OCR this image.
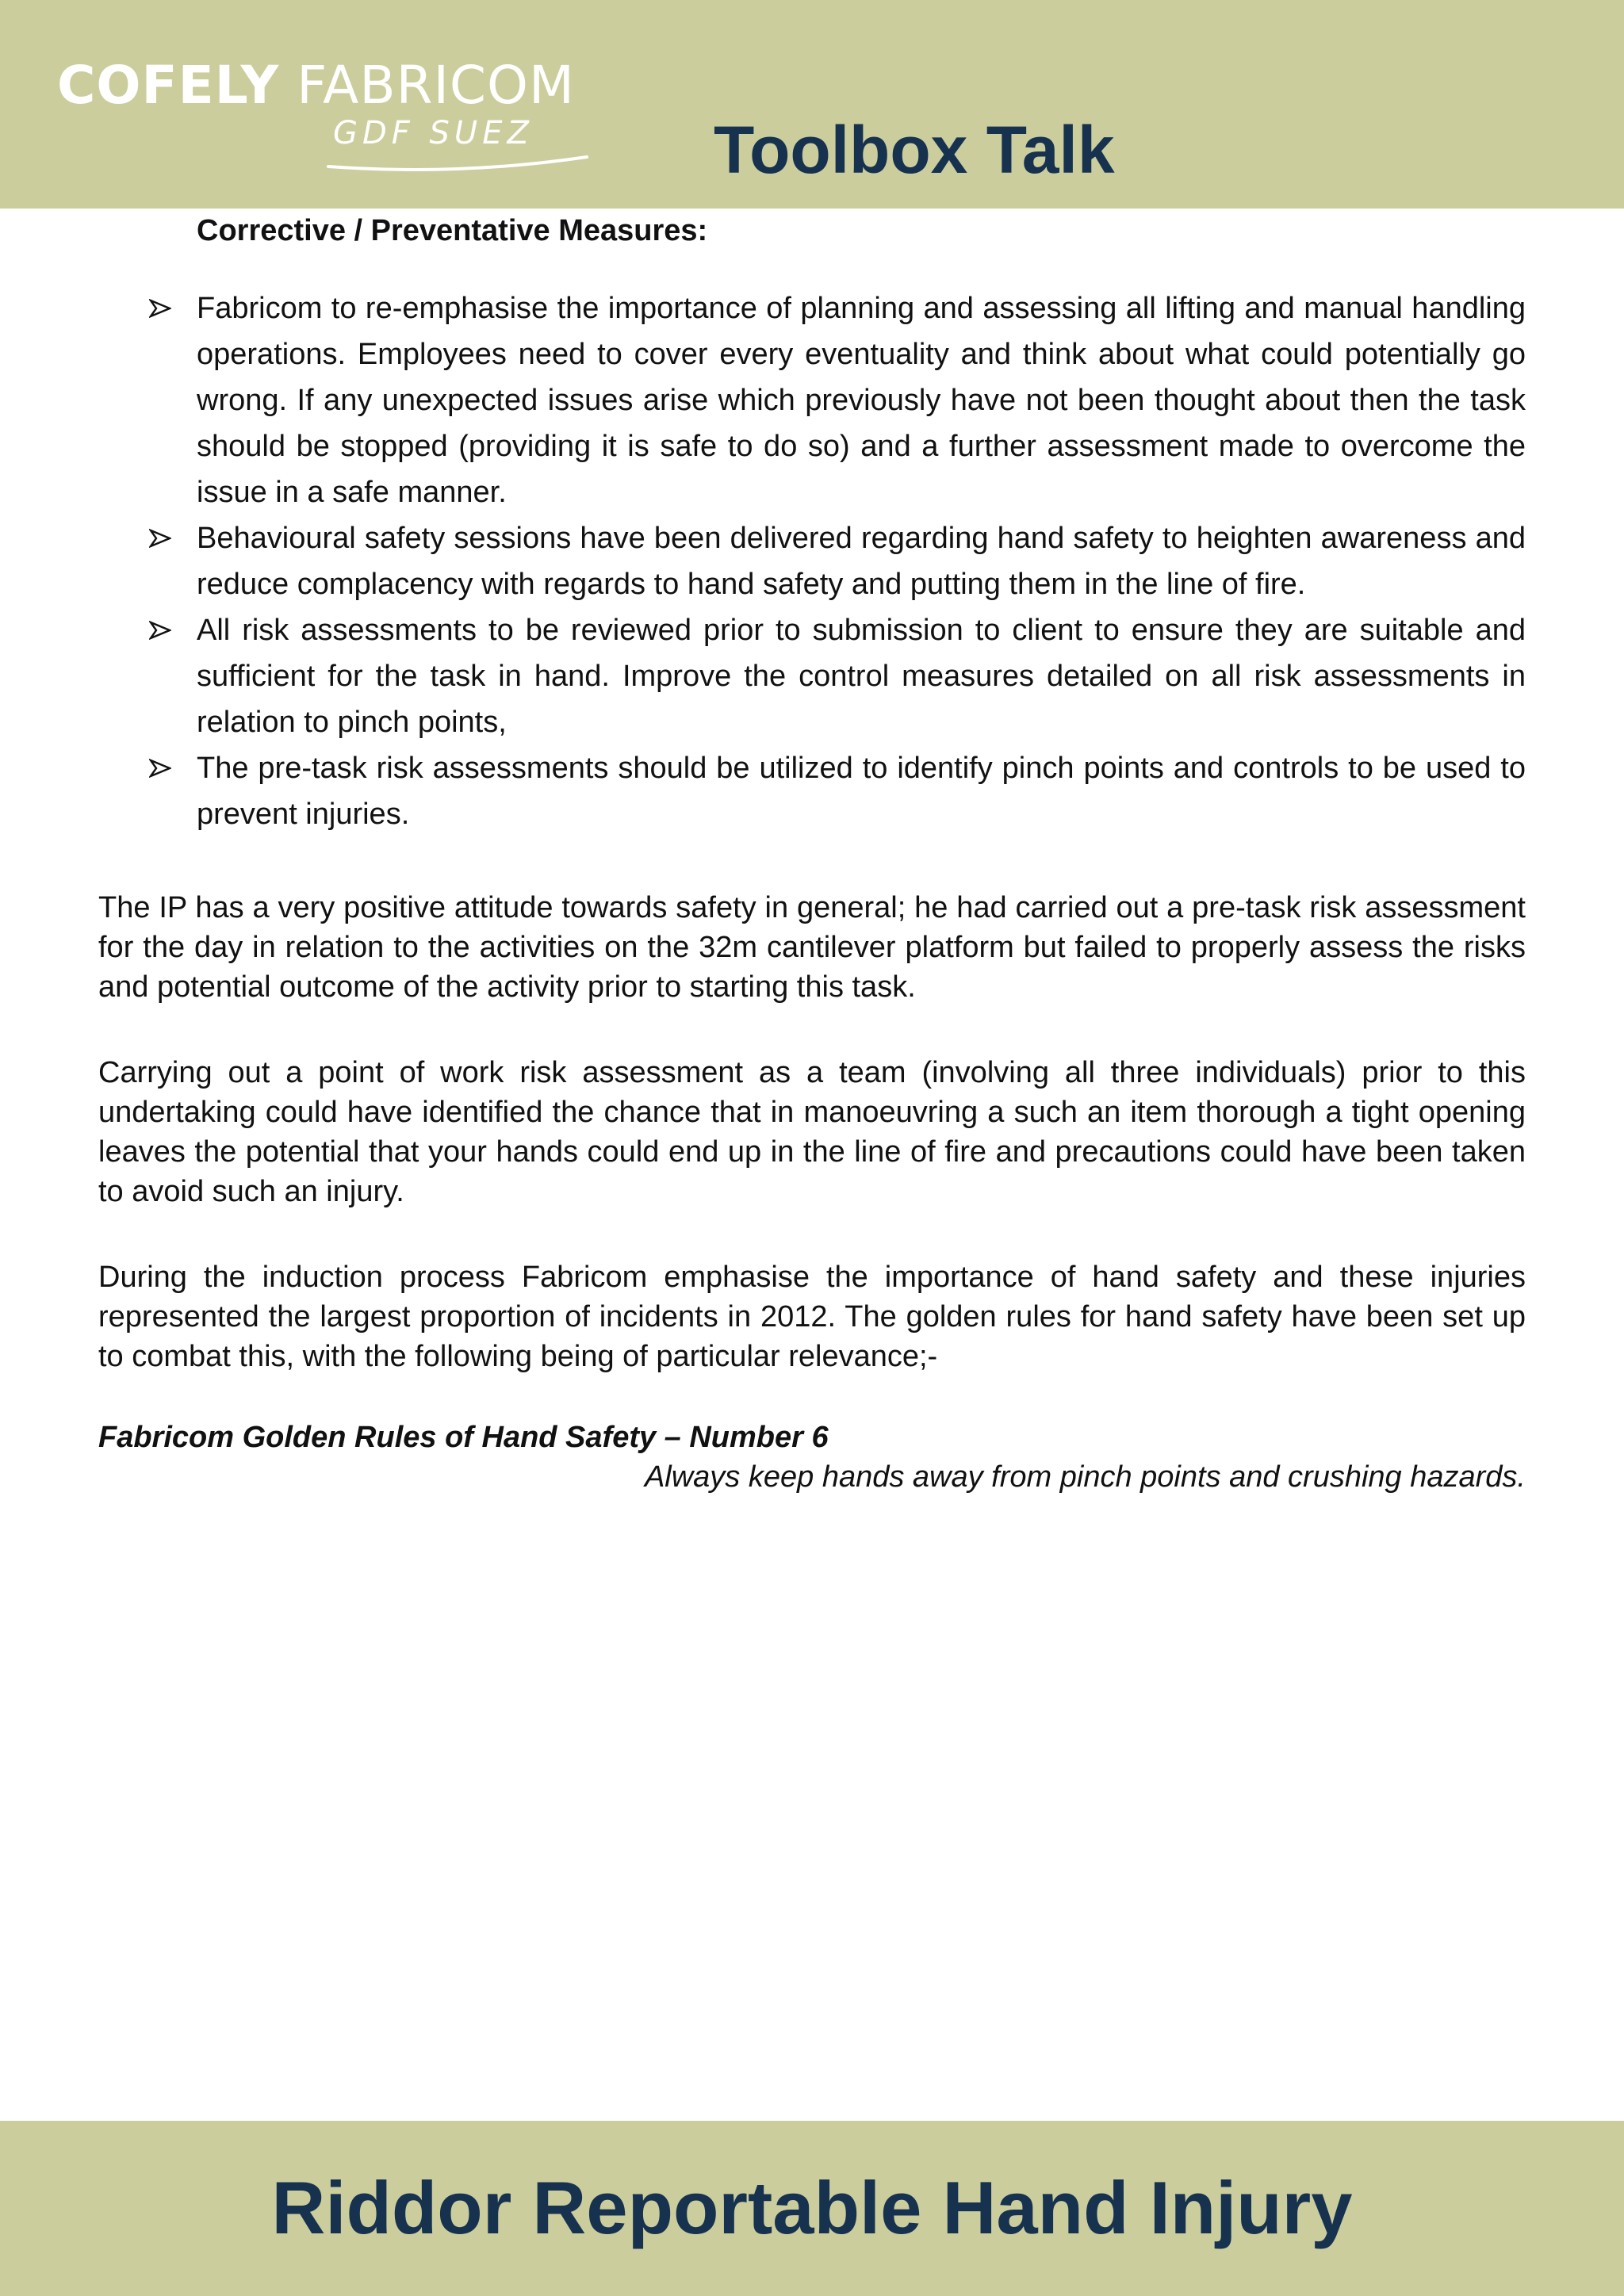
COFELY FABRICOM
GDF SUEZ	Toolbox Talk
Corrective / Preventative Measures:
Fabricom to re-emphasise the importance of planning and assessing all lifting and manual handling operations. Employees need to cover every eventuality and think about what could potentially go wrong. If any unexpected issues arise which previously have not been thought about then the task should be stopped (providing it is safe to do so) and a further assessment made to overcome the issue in a safe manner.
Behavioural safety sessions have been delivered regarding hand safety to heighten awareness and reduce complacency with regards to hand safety and putting them in the line of fire.
All risk assessments to be reviewed prior to submission to client to ensure they are suitable and sufficient for the task in hand. Improve the control measures detailed on all risk assessments in relation to pinch points,
The pre-task risk assessments should be utilized to identify pinch points and controls to be used to prevent injuries.

The IP has a very positive attitude towards safety in general; he had carried out a pre-task risk assessment for the day in relation to the activities on the 32m cantilever platform but failed to properly assess the risks and potential outcome of the activity prior to starting this task.

Carrying out a point of work risk assessment as a team (involving all three individuals) prior to this undertaking could have identified the chance that in manoeuvring a such an item thorough a tight opening leaves the potential that your hands could end up in the line of fire and precautions could have been taken to avoid such an injury.

During the induction process Fabricom emphasise the importance of hand safety and these injuries represented the largest proportion of incidents in 2012. The golden rules for hand safety have been set up to combat this, with the following being of particular relevance;-

Fabricom Golden Rules of Hand Safety – Number 6

Always keep hands away from pinch points and crushing hazards.

Riddor Reportable Hand Injury
